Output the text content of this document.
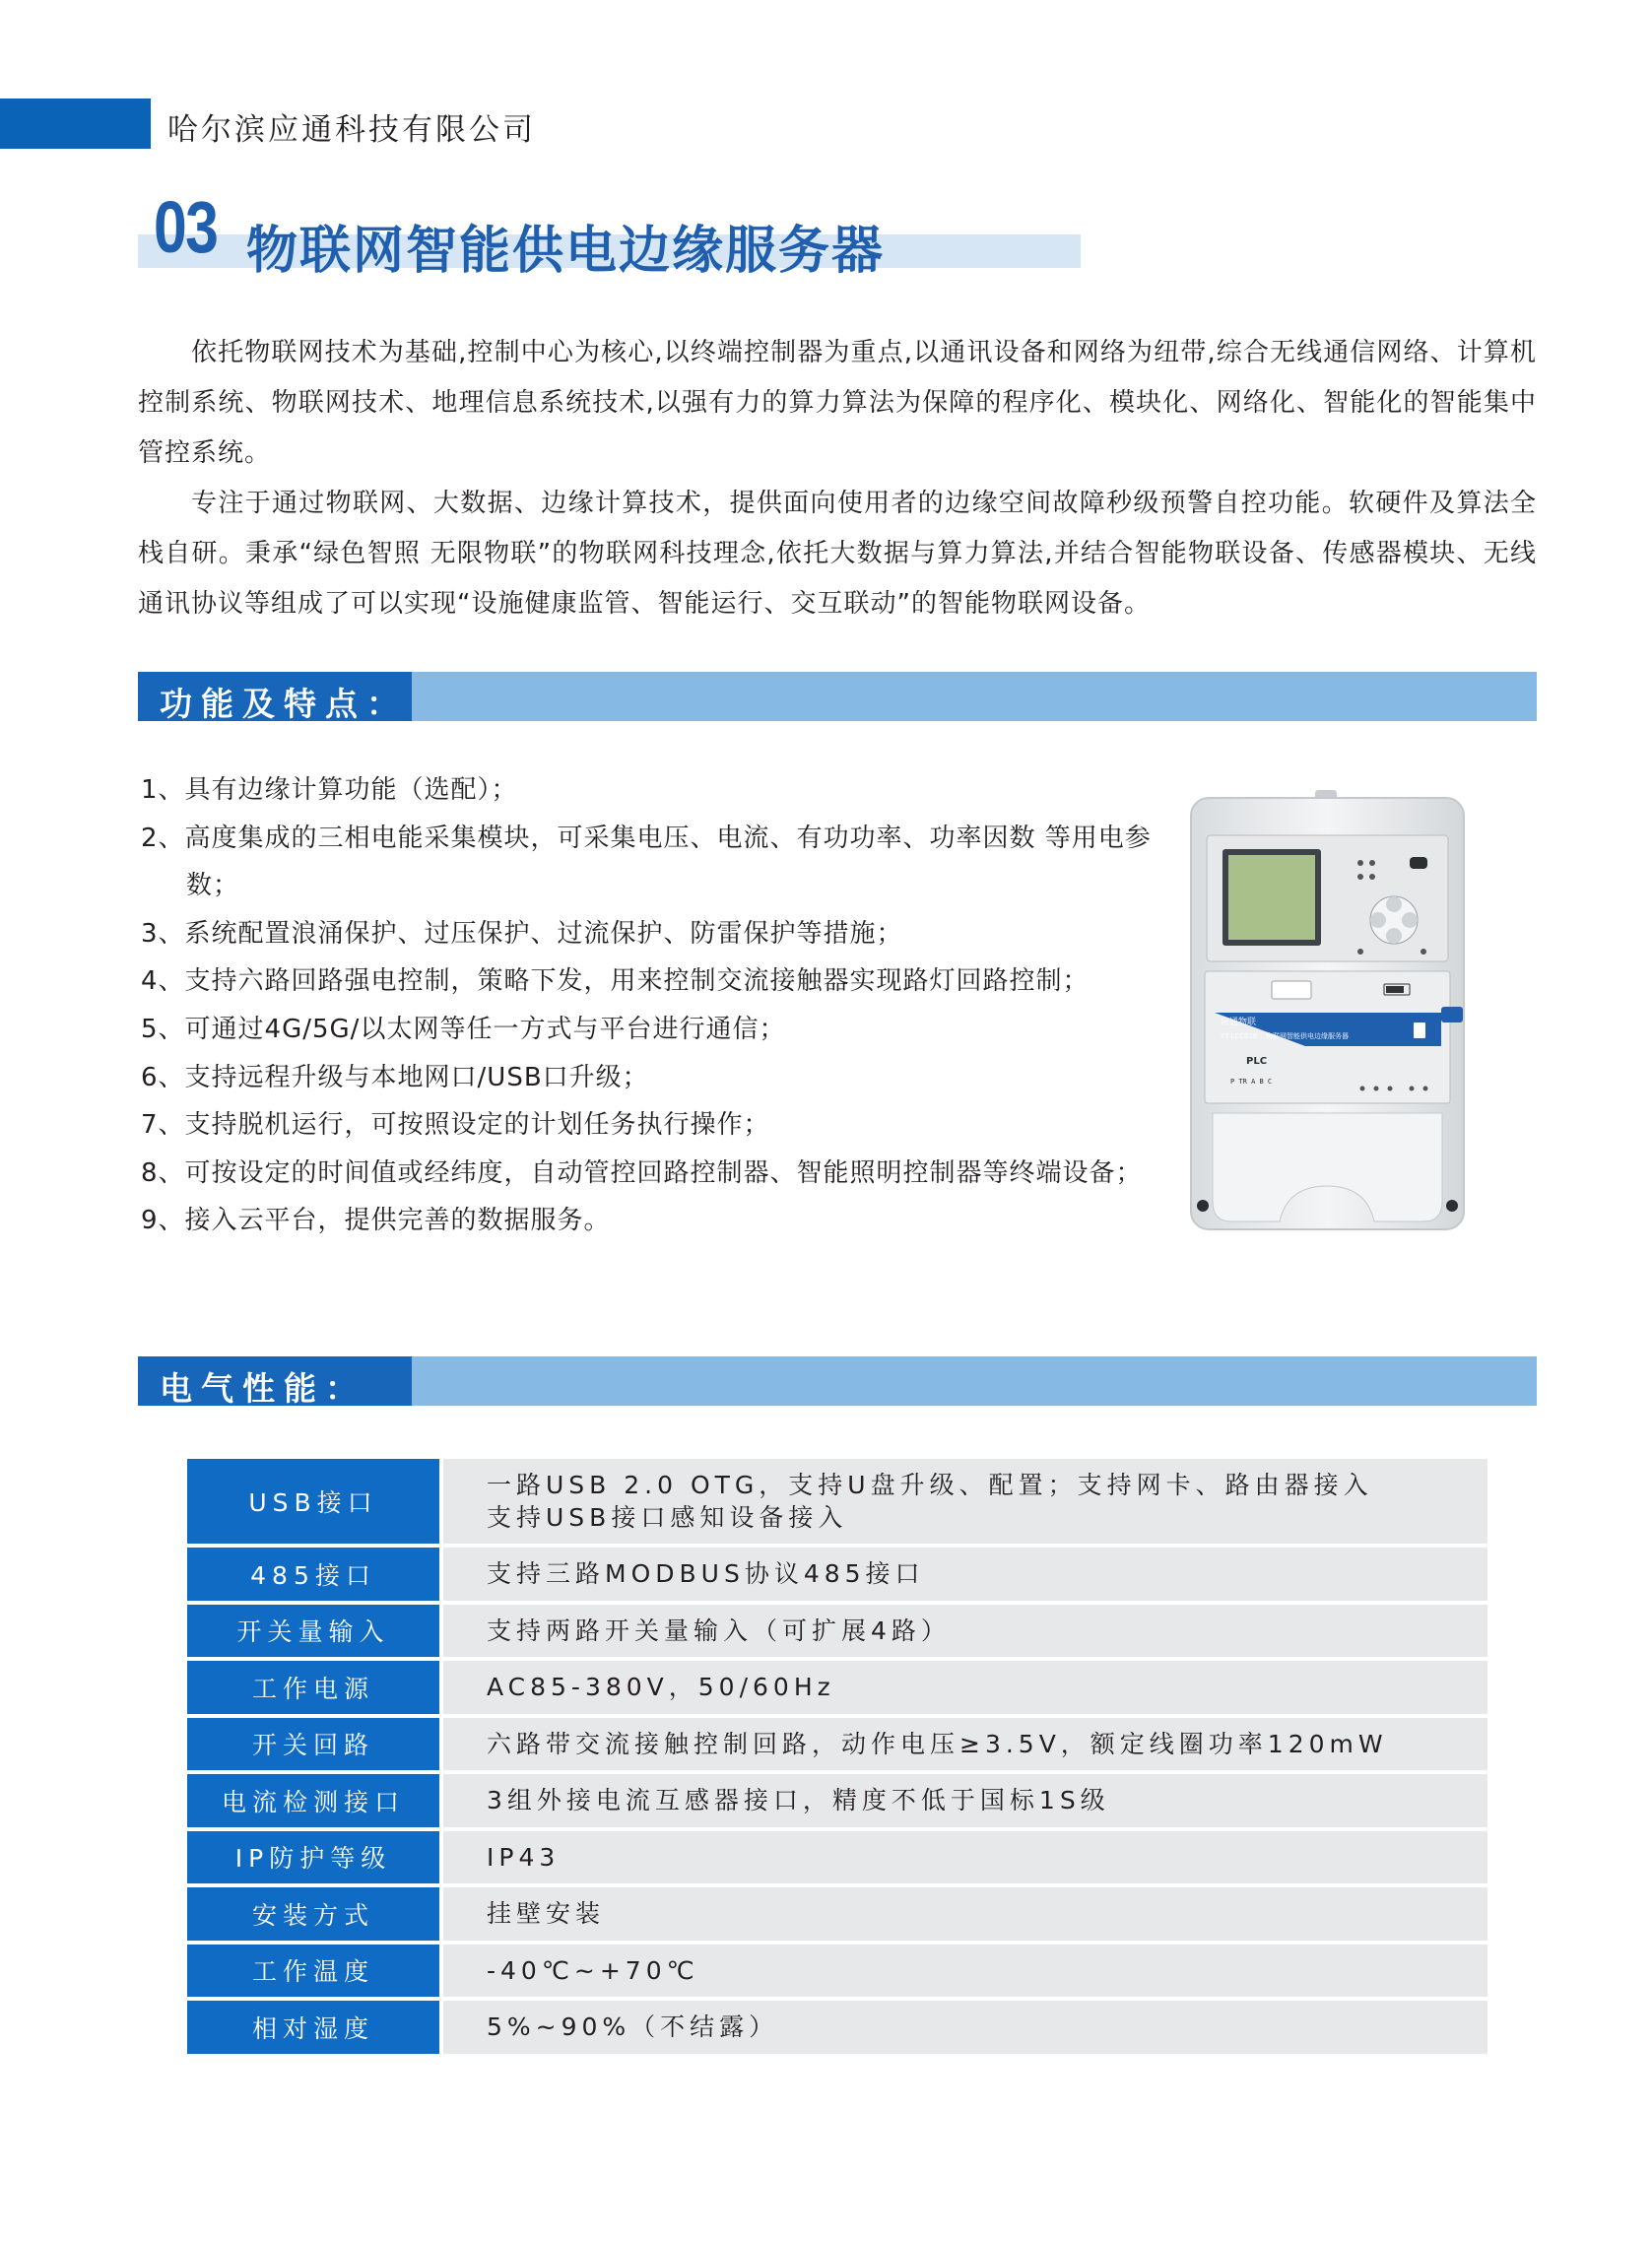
哈尔滨应通科技有限公司
03 物联网智能供电边缘服务器

依托物联网技术为基础,控制中心为核心,以终端控制器为重点,以通讯设备和网络为纽带,综合无线通信网络、计算机控制系统、物联网技术、地理信息系统技术,以强有力的算力算法为保障的程序化、模块化、网络化、智能化的智能集中管控系统。

专注于通过物联网、大数据、边缘计算技术，提供面向使用者的边缘空间故障秒级预警自控功能。软硬件及算法全栈自研。秉承“绿色智照 无限物联”的物联网科技理念,依托大数据与算力算法,并结合智能物联设备、传感器模块、无线通讯协议等组成了可以实现“设施健康监管、智能运行、交互联动”的智能物联网设备。

功能及特点：
1、具有边缘计算功能（选配）；
2、高度集成的三相电能采集模块，可采集电压、电流、有功功率、功率因数 等用电参数；
3、系统配置浪涌保护、过压保护、过流保护、防雷保护等措施；
4、支持六路回路强电控制，策略下发，用来控制交流接触器实现路灯回路控制；
5、可通过4G/5G/以太网等任一方式与平台进行通信；
6、支持远程升级与本地网口/USB口升级；
7、支持脱机运行，可按照设定的计划任务执行操作；
8、可按设定的时间值或经纬度，自动管控回路控制器、智能照明控制器等终端设备；
9、接入云平台，提供完善的数据服务。
应通物联
YT-LCC01E 物联网智能供电边缘服务器
PLC
P TR A B C
电气性能：
USB接口	一路USB 2.0 OTG，支持U盘升级、配置；支持网卡、路由器接入
支持USB接口感知设备接入

485接口	支持三路MODBUS协议485接口
开关量输入	支持两路开关量输入（可扩展4路）
工作电源	AC85-380V，50/60Hz
开关回路	六路带交流接触控制回路，动作电压≥3.5V，额定线圈功率120mW
电流检测接口	3组外接电流互感器接口，精度不低于国标1S级
IP防护等级	IP43
安装方式	挂壁安装
工作温度	-40℃~+70℃
相对湿度	5%~90%（不结露）
